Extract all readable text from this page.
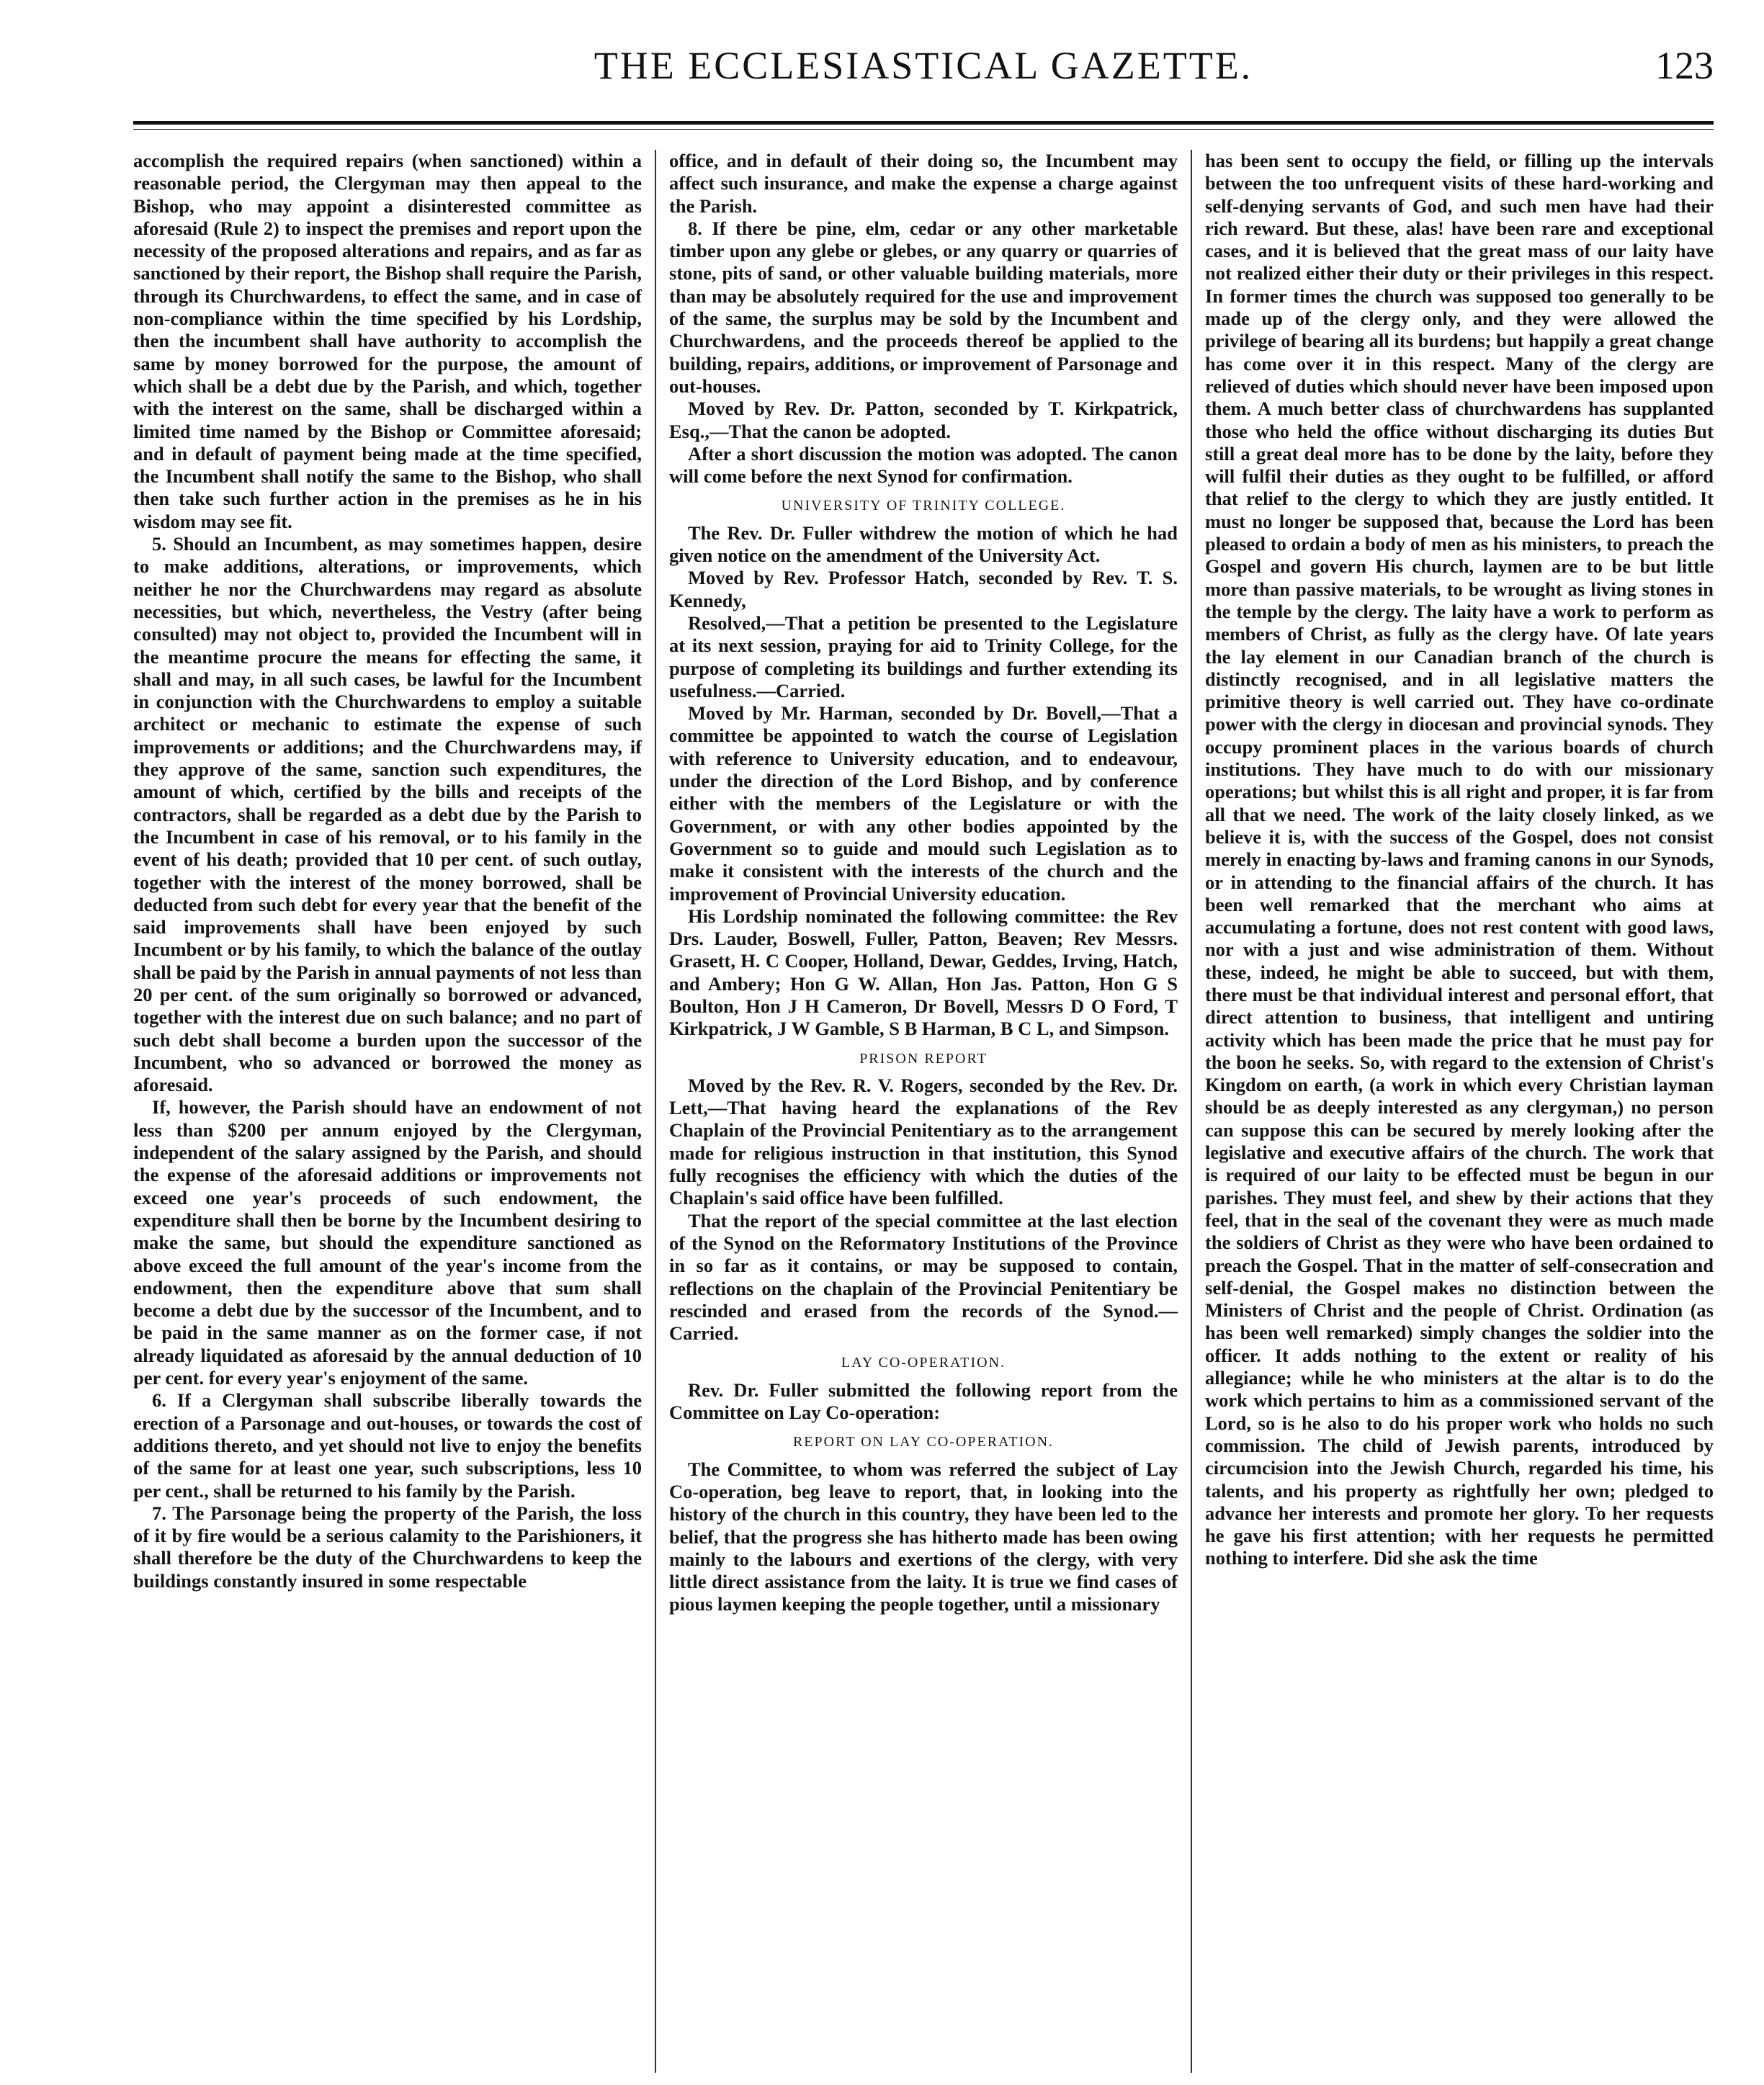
THE ECCLESIASTICAL GAZETTE.	123

accomplish the required repairs (when sanctioned) within a reasonable period, the Clergyman may then appeal to the Bishop, who may appoint a disinterested committee as aforesaid (Rule 2) to inspect the premises and report upon the necessity of the proposed alterations and repairs, and as far as sanctioned by their report, the Bishop shall require the Parish, through its Churchwardens, to effect the same, and in case of non-compliance within the time specified by his Lordship, then the incumbent shall have authority to accomplish the same by money borrowed for the purpose, the amount of which shall be a debt due by the Parish, and which, together with the interest on the same, shall be discharged within a limited time named by the Bishop or Committee aforesaid; and in default of payment being made at the time specified, the Incumbent shall notify the same to the Bishop, who shall then take such further action in the premises as he in his wisdom may see fit.

5. Should an Incumbent, as may sometimes happen, desire to make additions, alterations, or improvements, which neither he nor the Churchwardens may regard as absolute necessities, but which, nevertheless, the Vestry (after being consulted) may not object to, provided the Incumbent will in the meantime procure the means for effecting the same, it shall and may, in all such cases, be lawful for the Incumbent in conjunction with the Churchwardens to employ a suitable architect or mechanic to estimate the expense of such improvements or additions; and the Churchwardens may, if they approve of the same, sanction such expenditures, the amount of which, certified by the bills and receipts of the contractors, shall be regarded as a debt due by the Parish to the Incumbent in case of his removal, or to his family in the event of his death; provided that 10 per cent. of such outlay, together with the interest of the money borrowed, shall be deducted from such debt for every year that the benefit of the said improvements shall have been enjoyed by such Incumbent or by his family, to which the balance of the outlay shall be paid by the Parish in annual payments of not less than 20 per cent. of the sum originally so borrowed or advanced, together with the interest due on such balance; and no part of such debt shall become a burden upon the successor of the Incumbent, who so advanced or borrowed the money as aforesaid.

If, however, the Parish should have an endowment of not less than $200 per annum enjoyed by the Clergyman, independent of the salary assigned by the Parish, and should the expense of the aforesaid additions or improvements not exceed one year's proceeds of such endowment, the expenditure shall then be borne by the Incumbent desiring to make the same, but should the expenditure sanctioned as above exceed the full amount of the year's income from the endowment, then the expenditure above that sum shall become a debt due by the successor of the Incumbent, and to be paid in the same manner as on the former case, if not already liquidated as aforesaid by the annual deduction of 10 per cent. for every year's enjoyment of the same.

6. If a Clergyman shall subscribe liberally towards the erection of a Parsonage and out-houses, or towards the cost of additions thereto, and yet should not live to enjoy the benefits of the same for at least one year, such subscriptions, less 10 per cent., shall be returned to his family by the Parish.

7. The Parsonage being the property of the Parish, the loss of it by fire would be a serious calamity to the Parishioners, it shall therefore be the duty of the Churchwardens to keep the buildings constantly insured in some respectable

office, and in default of their doing so, the Incumbent may affect such insurance, and make the expense a charge against the Parish.

8. If there be pine, elm, cedar or any other marketable timber upon any glebe or glebes, or any quarry or quarries of stone, pits of sand, or other valuable building materials, more than may be absolutely required for the use and improvement of the same, the surplus may be sold by the Incumbent and Churchwardens, and the proceeds thereof be applied to the building, repairs, additions, or improvement of Parsonage and out-houses.

Moved by Rev. Dr. Patton, seconded by T. Kirkpatrick, Esq.,—That the canon be adopted.

After a short discussion the motion was adopted. The canon will come before the next Synod for confirmation.

UNIVERSITY OF TRINITY COLLEGE.

The Rev. Dr. Fuller withdrew the motion of which he had given notice on the amendment of the University Act.

Moved by Rev. Professor Hatch, seconded by Rev. T. S. Kennedy,

Resolved,—That a petition be presented to the Legislature at its next session, praying for aid to Trinity College, for the purpose of completing its buildings and further extending its usefulness.—Carried.

Moved by Mr. Harman, seconded by Dr. Bovell,—That a committee be appointed to watch the course of Legislation with reference to University education, and to endeavour, under the direction of the Lord Bishop, and by conference either with the members of the Legislature or with the Government, or with any other bodies appointed by the Government so to guide and mould such Legislation as to make it consistent with the interests of the church and the improvement of Provincial University education.

His Lordship nominated the following committee: the Rev Drs. Lauder, Boswell, Fuller, Patton, Beaven; Rev Messrs. Grasett, H. C Cooper, Holland, Dewar, Geddes, Irving, Hatch, and Ambery; Hon G W. Allan, Hon Jas. Patton, Hon G S Boulton, Hon J H Cameron, Dr Bovell, Messrs D O Ford, T Kirkpatrick, J W Gamble, S B Harman, B C L, and Simpson.

PRISON REPORT

Moved by the Rev. R. V. Rogers, seconded by the Rev. Dr. Lett,—That having heard the explanations of the Rev Chaplain of the Provincial Penitentiary as to the arrangement made for religious instruction in that institution, this Synod fully recognises the efficiency with which the duties of the Chaplain's said office have been fulfilled.

That the report of the special committee at the last election of the Synod on the Reformatory Institutions of the Province in so far as it contains, or may be supposed to contain, reflections on the chaplain of the Provincial Penitentiary be rescinded and erased from the records of the Synod.—Carried.

LAY CO-OPERATION.

Rev. Dr. Fuller submitted the following report from the Committee on Lay Co-operation:

REPORT ON LAY CO-OPERATION.

The Committee, to whom was referred the subject of Lay Co-operation, beg leave to report, that, in looking into the history of the church in this country, they have been led to the belief, that the progress she has hitherto made has been owing mainly to the labours and exertions of the clergy, with very little direct assistance from the laity. It is true we find cases of pious laymen keeping the people together, until a missionary

has been sent to occupy the field, or filling up the intervals between the too unfrequent visits of these hard-working and self-denying servants of God, and such men have had their rich reward. But these, alas! have been rare and exceptional cases, and it is believed that the great mass of our laity have not realized either their duty or their privileges in this respect. In former times the church was supposed too generally to be made up of the clergy only, and they were allowed the privilege of bearing all its burdens; but happily a great change has come over it in this respect. Many of the clergy are relieved of duties which should never have been imposed upon them. A much better class of churchwardens has supplanted those who held the office without discharging its duties But still a great deal more has to be done by the laity, before they will fulfil their duties as they ought to be fulfilled, or afford that relief to the clergy to which they are justly entitled. It must no longer be supposed that, because the Lord has been pleased to ordain a body of men as his ministers, to preach the Gospel and govern His church, laymen are to be but little more than passive materials, to be wrought as living stones in the temple by the clergy. The laity have a work to perform as members of Christ, as fully as the clergy have. Of late years the lay element in our Canadian branch of the church is distinctly recognised, and in all legislative matters the primitive theory is well carried out. They have co-ordinate power with the clergy in diocesan and provincial synods. They occupy prominent places in the various boards of church institutions. They have much to do with our missionary operations; but whilst this is all right and proper, it is far from all that we need. The work of the laity closely linked, as we believe it is, with the success of the Gospel, does not consist merely in enacting by-laws and framing canons in our Synods, or in attending to the financial affairs of the church. It has been well remarked that the merchant who aims at accumulating a fortune, does not rest content with good laws, nor with a just and wise administration of them. Without these, indeed, he might be able to succeed, but with them, there must be that individual interest and personal effort, that direct attention to business, that intelligent and untiring activity which has been made the price that he must pay for the boon he seeks. So, with regard to the extension of Christ's Kingdom on earth, (a work in which every Christian layman should be as deeply interested as any clergyman,) no person can suppose this can be secured by merely looking after the legislative and executive affairs of the church. The work that is required of our laity to be effected must be begun in our parishes. They must feel, and shew by their actions that they feel, that in the seal of the covenant they were as much made the soldiers of Christ as they were who have been ordained to preach the Gospel. That in the matter of self-consecration and self-denial, the Gospel makes no distinction between the Ministers of Christ and the people of Christ. Ordination (as has been well remarked) simply changes the soldier into the officer. It adds nothing to the extent or reality of his allegiance; while he who ministers at the altar is to do the work which pertains to him as a commissioned servant of the Lord, so is he also to do his proper work who holds no such commission. The child of Jewish parents, introduced by circumcision into the Jewish Church, regarded his time, his talents, and his property as rightfully her own; pledged to advance her interests and promote her glory. To her requests he gave his first attention; with her requests he permitted nothing to interfere. Did she ask the time
